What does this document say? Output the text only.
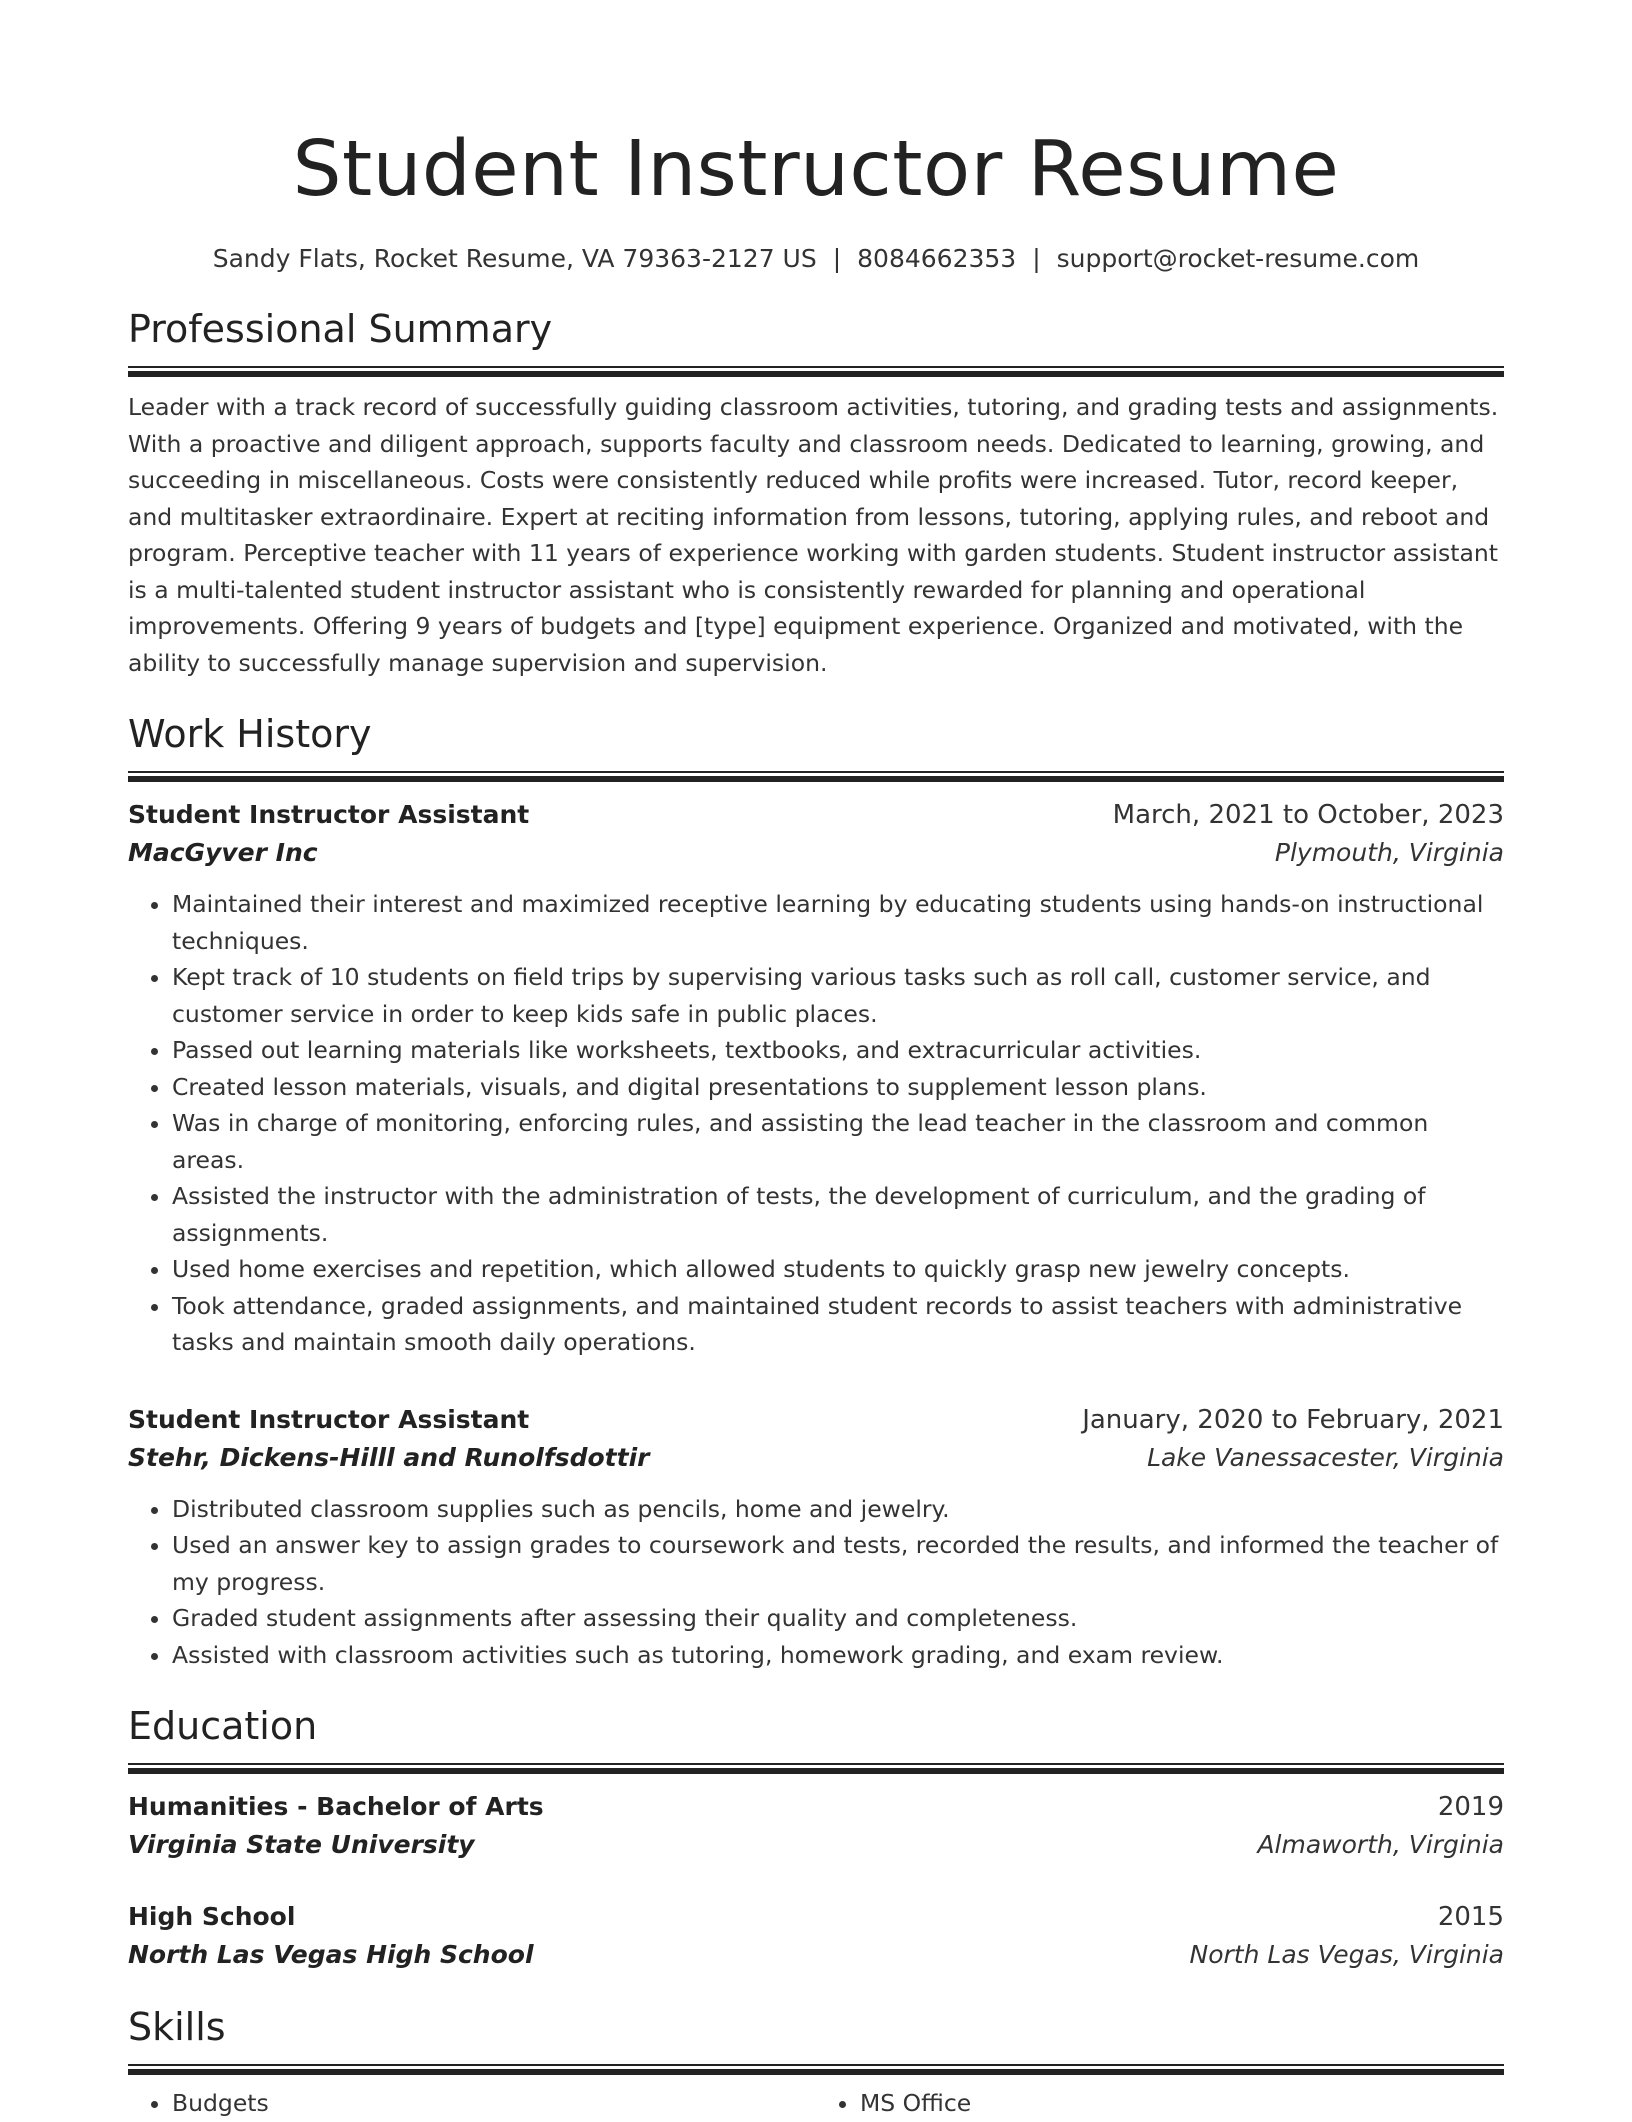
Student Instructor Resume
Sandy Flats, Rocket Resume, VA 79363-2127 US | 8084662353 | support@rocket-resume.com
Professional Summary
Leader with a track record of successfully guiding classroom activities, tutoring, and grading tests and assignments. With a proactive and diligent approach, supports faculty and classroom needs. Dedicated to learning, growing, and succeeding in miscellaneous. Costs were consistently reduced while profits were increased. Tutor, record keeper, and multitasker extraordinaire. Expert at reciting information from lessons, tutoring, applying rules, and reboot and program. Perceptive teacher with 11 years of experience working with garden students. Student instructor assistant is a multi-talented student instructor assistant who is consistently rewarded for planning and operational improvements. Offering 9 years of budgets and [type] equipment experience. Organized and motivated, with the ability to successfully manage supervision and supervision.
Work History
Student Instructor Assistant	March, 2021 to October, 2023
MacGyver Inc	Plymouth, Virginia
• Maintained their interest and maximized receptive learning by educating students using hands-on instructional techniques.
• Kept track of 10 students on field trips by supervising various tasks such as roll call, customer service, and customer service in order to keep kids safe in public places.
• Passed out learning materials like worksheets, textbooks, and extracurricular activities.
• Created lesson materials, visuals, and digital presentations to supplement lesson plans.
• Was in charge of monitoring, enforcing rules, and assisting the lead teacher in the classroom and common areas.
• Assisted the instructor with the administration of tests, the development of curriculum, and the grading of assignments.
• Used home exercises and repetition, which allowed students to quickly grasp new jewelry concepts.
• Took attendance, graded assignments, and maintained student records to assist teachers with administrative tasks and maintain smooth daily operations.
Student Instructor Assistant	January, 2020 to February, 2021
Stehr, Dickens-Hilll and Runolfsdottir	Lake Vanessacester, Virginia
• Distributed classroom supplies such as pencils, home and jewelry.
• Used an answer key to assign grades to coursework and tests, recorded the results, and informed the teacher of my progress.
• Graded student assignments after assessing their quality and completeness.
• Assisted with classroom activities such as tutoring, homework grading, and exam review.
Education
Humanities - Bachelor of Arts	2019
Virginia State University	Almaworth, Virginia
High School	2015
North Las Vegas High School	North Las Vegas, Virginia
Skills
• Budgets
•	MS Office
